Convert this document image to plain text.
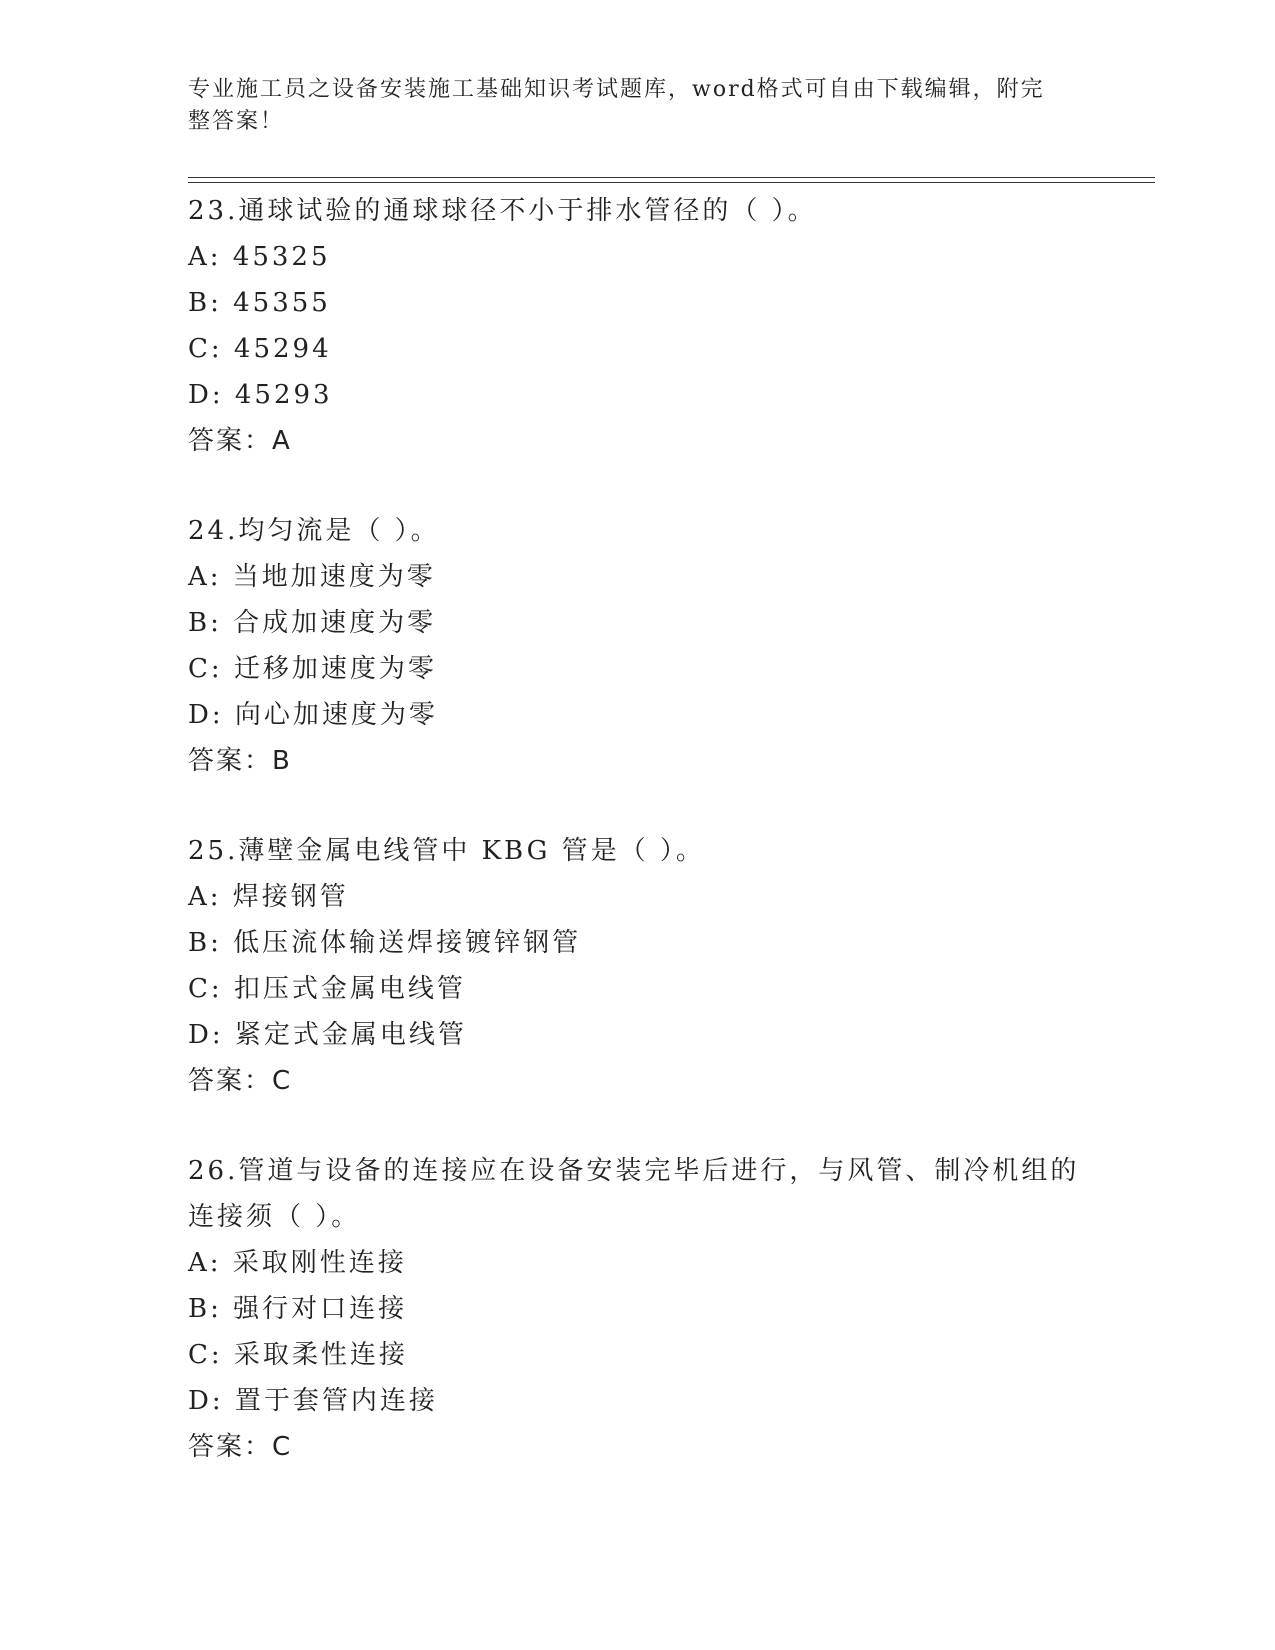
专业施工员之设备安装施工基础知识考试题库，word格式可自由下载编辑，附完整答案！
23.通球试验的通球球径不小于排水管径的（ ）。
A: 45325
B: 45355
C: 45294
D: 45293
答案：A
24.均匀流是（ ）。
A: 当地加速度为零
B: 合成加速度为零
C: 迁移加速度为零
D: 向心加速度为零
答案：B
25.薄壁金属电线管中 KBG 管是（ ）。
A: 焊接钢管
B: 低压流体输送焊接镀锌钢管
C: 扣压式金属电线管
D: 紧定式金属电线管
答案：C
26.管道与设备的连接应在设备安装完毕后进行，与风管、制冷机组的连接须（ ）。
A: 采取刚性连接
B: 强行对口连接
C: 采取柔性连接
D: 置于套管内连接
答案：C
